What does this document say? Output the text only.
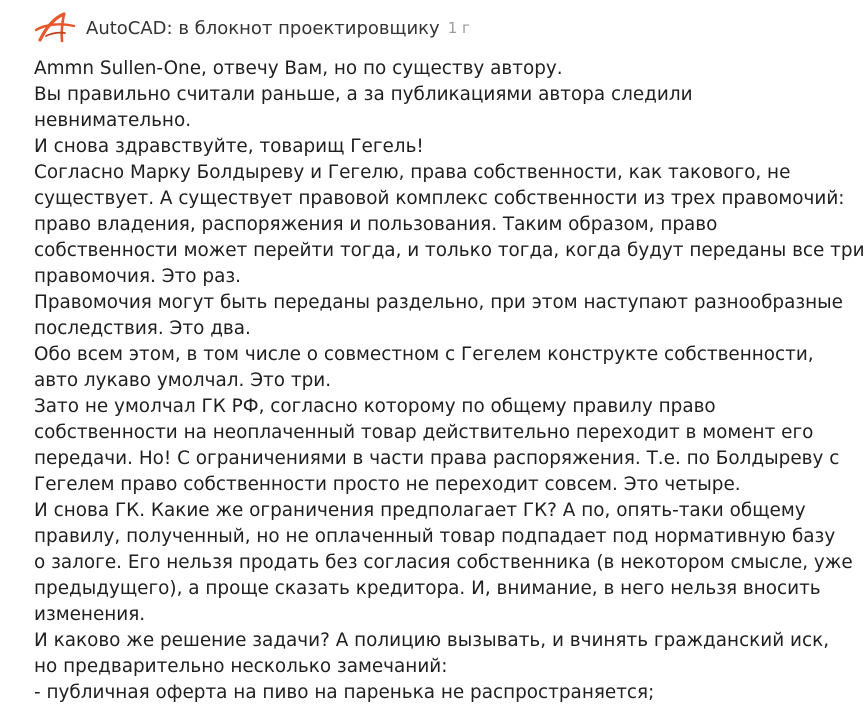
AutoCAD: в блокнот проектировщику 1 г
Ammn Sullen-One, отвечу Вам, но по существу автору.
Вы правильно считали раньше, а за публикациями автора следили
невнимательно.
И снова здравствуйте, товарищ Гегель!
Согласно Марку Болдыреву и Гегелю, права собственности, как такового, не
существует. А существует правовой комплекс собственности из трех правомочий:
право владения, распоряжения и пользования. Таким образом, право
собственности может перейти тогда, и только тогда, когда будут переданы все три
правомочия. Это раз.
Правомочия могут быть переданы раздельно, при этом наступают разнообразные
последствия. Это два.
Обо всем этом, в том числе о совместном с Гегелем конструкте собственности,
авто лукаво умолчал. Это три.
Зато не умолчал ГК РФ, согласно которому по общему правилу право
собственности на неоплаченный товар действительно переходит в момент его
передачи. Но! С ограничениями в части права распоряжения. Т.е. по Болдыреву с
Гегелем право собственности просто не переходит совсем. Это четыре.
И снова ГК. Какие же ограничения предполагает ГК? А по, опять-таки общему
правилу, полученный, но не оплаченный товар подпадает под нормативную базу
о залоге. Его нельзя продать без согласия собственника (в некотором смысле, уже
предыдущего), а проще сказать кредитора. И, внимание, в него нельзя вносить
изменения.
И каково же решение задачи? А полицию вызывать, и вчинять гражданский иск,
но предварительно несколько замечаний:
- публичная оферта на пиво на паренька не распространяется;
